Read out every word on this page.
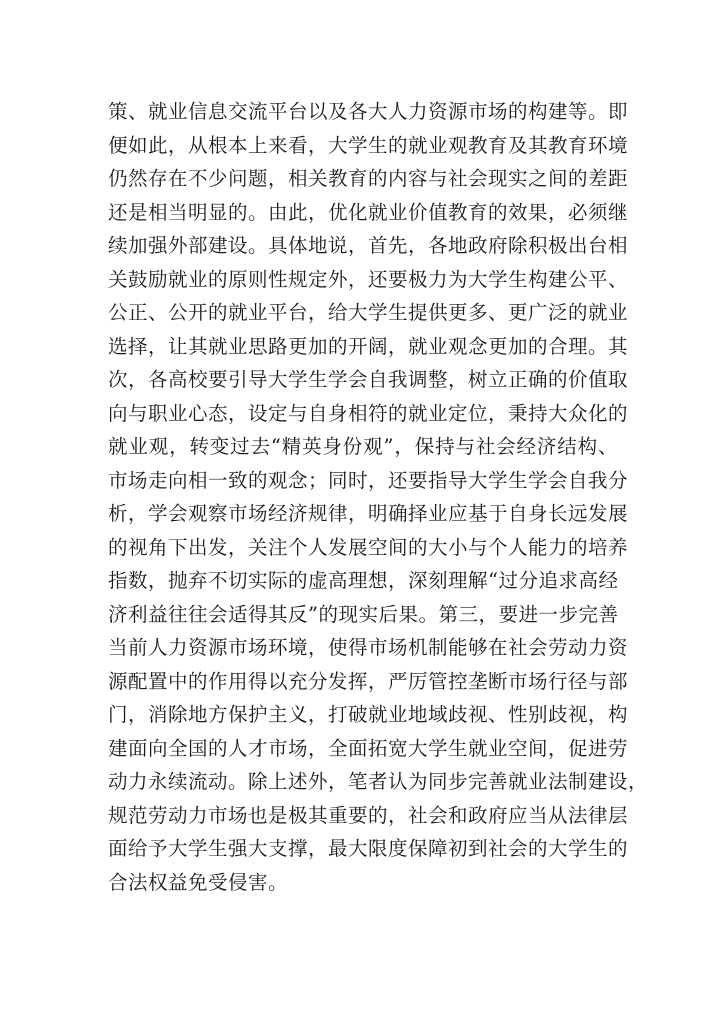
策、就业信息交流平台以及各大人力资源市场的构建等。即
便如此，从根本上来看，大学生的就业观教育及其教育环境
仍然存在不少问题，相关教育的内容与社会现实之间的差距
还是相当明显的。由此，优化就业价值教育的效果，必须继
续加强外部建设。具体地说，首先，各地政府除积极出台相
关鼓励就业的原则性规定外，还要极力为大学生构建公平、
公正、公开的就业平台，给大学生提供更多、更广泛的就业
选择，让其就业思路更加的开阔，就业观念更加的合理。其
次，各高校要引导大学生学会自我调整，树立正确的价值取
向与职业心态，设定与自身相符的就业定位，秉持大众化的
就业观，转变过去“精英身份观”，保持与社会经济结构、
市场走向相一致的观念；同时，还要指导大学生学会自我分
析，学会观察市场经济规律，明确择业应基于自身长远发展
的视角下出发，关注个人发展空间的大小与个人能力的培养
指数，抛弃不切实际的虚高理想，深刻理解“过分追求高经
济利益往往会适得其反”的现实后果。第三，要进一步完善
当前人力资源市场环境，使得市场机制能够在社会劳动力资
源配置中的作用得以充分发挥，严厉管控垄断市场行径与部
门，消除地方保护主义，打破就业地域歧视、性别歧视，构
建面向全国的人才市场，全面拓宽大学生就业空间，促进劳
动力永续流动。除上述外，笔者认为同步完善就业法制建设，
规范劳动力市场也是极其重要的，社会和政府应当从法律层
面给予大学生强大支撑，最大限度保障初到社会的大学生的
合法权益免受侵害。
